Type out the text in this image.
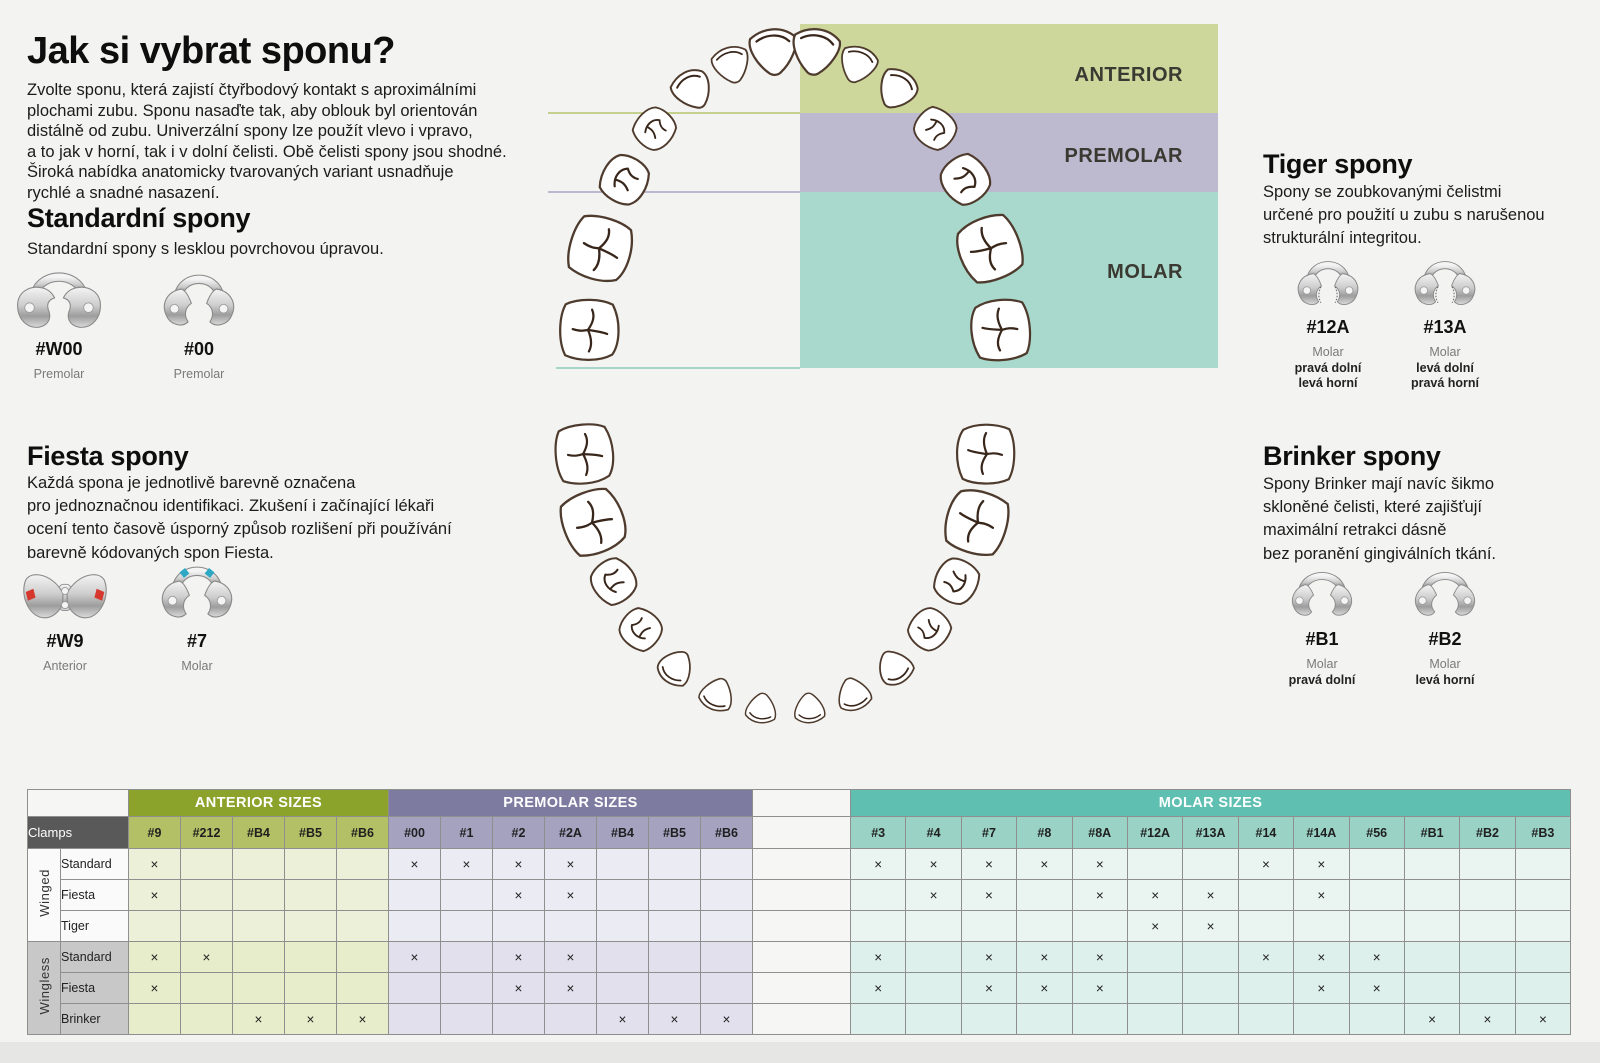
Jak si vybrat sponu?
Zvolte sponu, která zajistí čtyřbodový kontakt s aproximálními
plochami zubu. Sponu nasaďte tak, aby oblouk byl orientován
distálně od zubu. Univerzální spony lze použít vlevo i vpravo,
a to jak v horní, tak i v dolní čelisti. Obě čelisti spony jsou shodné.
Široká nabídka anatomicky tvarovaných variant usnadňuje
rychlé a snadné nasazení.
Standardní spony
Standardní spony s lesklou povrchovou úpravou.
#W00
Premolar
#00
Premolar
Fiesta spony
Každá spona je jednotlivě barevně označena
pro jednoznačnou identifikaci. Zkušení i začínající lékaři
ocení tento časově úsporný způsob rozlišení při používání
barevně kódovaných spon Fiesta.
#W9
Anterior
#7
Molar
Tiger spony
Spony se zoubkovanými čelistmi
určené pro použití u zubu s narušenou
strukturální integritou.
#12A
Molar
pravá dolní
levá horní
#13A
Molar
levá dolní
pravá horní
Brinker spony
Spony Brinker mají navíc šikmo
skloněné čelisti, které zajišťují
maximální retrakci dásně
bez poranění gingiválních tkání.
#B1
Molar
pravá dolní
#B2
Molar
levá horní
ANTERIOR
PREMOLAR
MOLAR
		ANTERIOR SIZES					PREMOLAR SIZES								MOLAR SIZES												
Clamps		#9	#212	#B4	#B5	#B6	#00	#1	#2	#2A	#B4	#B5	#B6		#3	#4	#7	#8	#8A	#12A	#13A	#14	#14A	#56	#B1	#B2	#B3
Winged	Standard	×					×	×	×	×					×	×	×	×	×			×	×				
	Fiesta	×							×	×						×	×		×	×	×		×				
	Tiger																			×	×						
Wingless	Standard	×	×				×		×	×					×		×	×	×			×	×	×			
	Fiesta	×							×	×					×		×	×	×				×	×			
	Brinker			×	×	×					×	×	×												×	×	×
